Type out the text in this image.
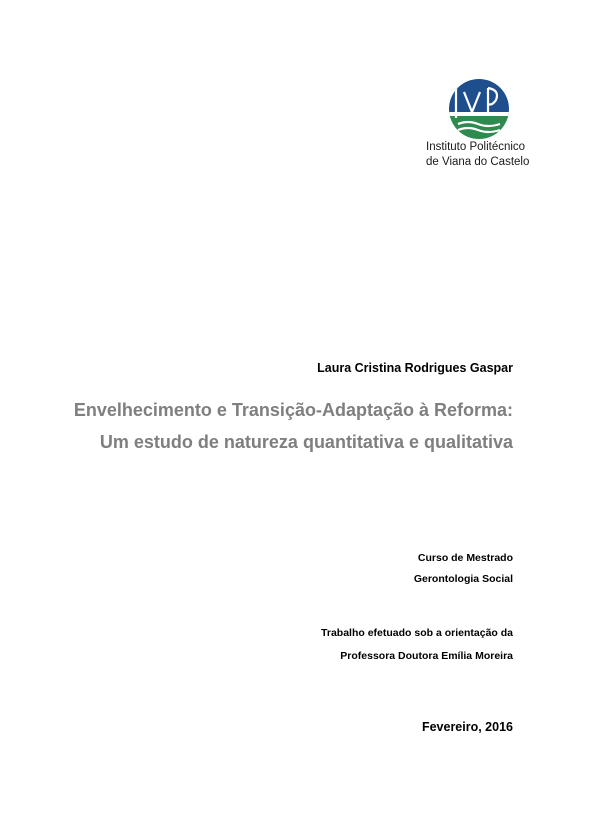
Instituto Politécnico
de Viana do Castelo
Laura Cristina Rodrigues Gaspar
Envelhecimento e Transição-Adaptação à Reforma:
Um estudo de natureza quantitativa e qualitativa
Curso de Mestrado
Gerontologia Social
Trabalho efetuado sob a orientação da
Professora Doutora Emília Moreira
Fevereiro, 2016
